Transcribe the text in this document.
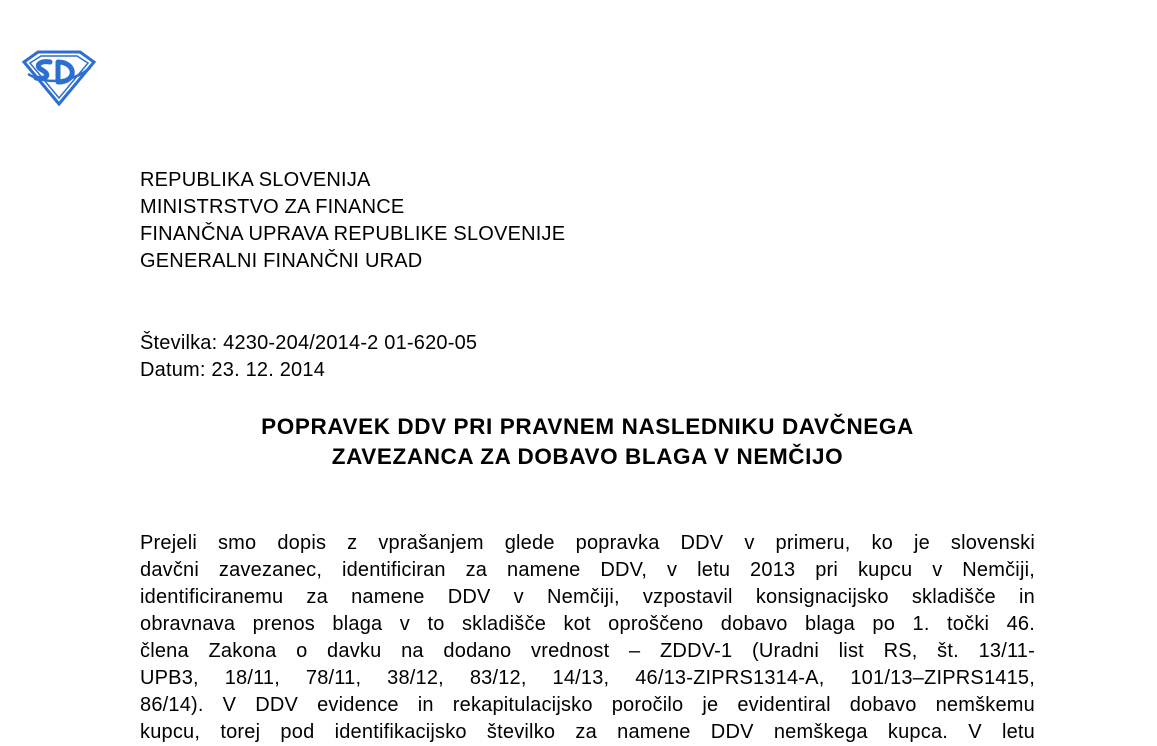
REPUBLIKA SLOVENIJA
MINISTRSTVO ZA FINANCE
FINANČNA UPRAVA REPUBLIKE SLOVENIJE
GENERALNI FINANČNI URAD
Številka: 4230-204/2014-2 01-620-05
Datum: 23. 12. 2014
POPRAVEK DDV PRI PRAVNEM NASLEDNIKU DAVČNEGA
ZAVEZANCA ZA DOBAVO BLAGA V NEMČIJO
Prejeli smo dopis z vprašanjem glede popravka DDV v primeru, ko je slovenski
davčni zavezanec, identificiran za namene DDV, v letu 2013 pri kupcu v Nemčiji,
identificiranemu za namene DDV v Nemčiji, vzpostavil konsignacijsko skladišče in
obravnava prenos blaga v to skladišče kot oproščeno dobavo blaga po 1. točki 46.
člena Zakona o davku na dodano vrednost – ZDDV-1 (Uradni list RS, št. 13/11-
UPB3, 18/11, 78/11, 38/12, 83/12, 14/13, 46/13-ZIPRS1314-A, 101/13–ZIPRS1415,
86/14). V DDV evidence in rekapitulacijsko poročilo je evidentiral dobavo nemškemu
kupcu, torej pod identifikacijsko številko za namene DDV nemškega kupca. V letu
